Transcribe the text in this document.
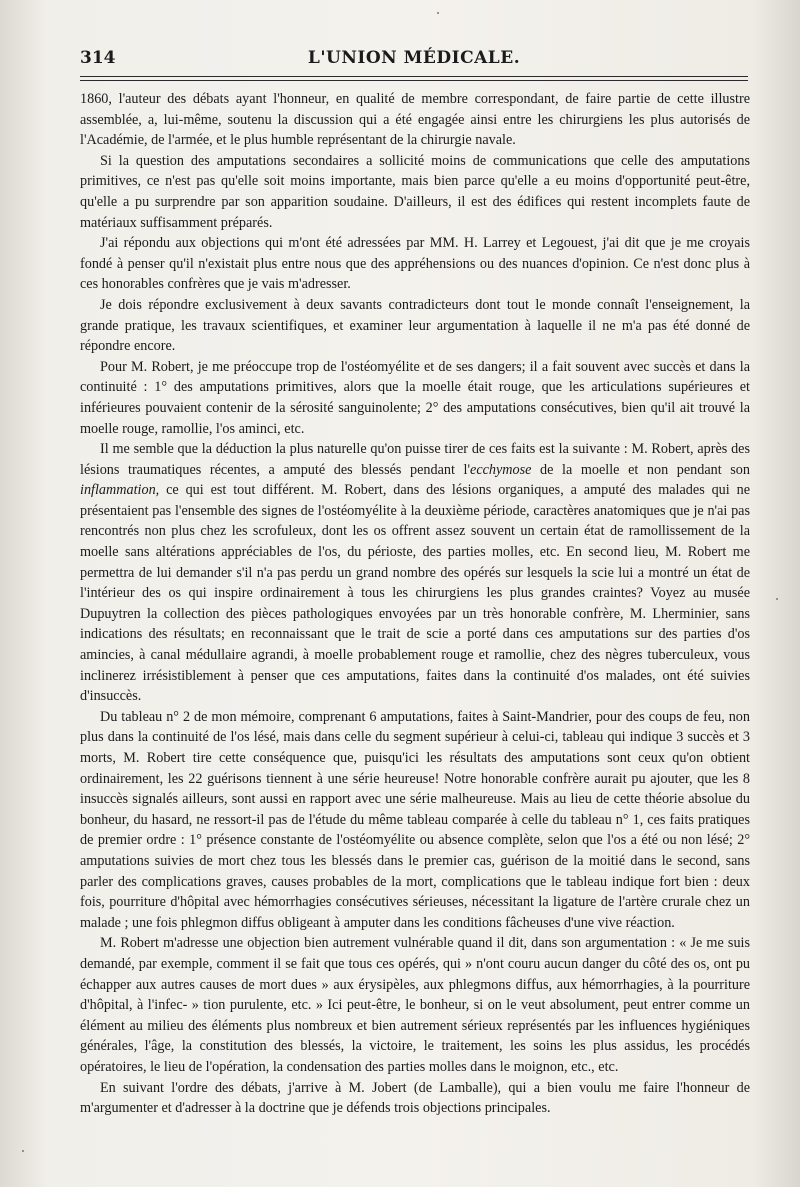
314	L'UNION MÉDICALE.

1860, l'auteur des débats ayant l'honneur, en qualité de membre correspondant, de faire partie de cette illustre assemblée, a, lui-même, soutenu la discussion qui a été engagée ainsi entre les chirurgiens les plus autorisés de l'Académie, de l'armée, et le plus humble représentant de la chirurgie navale.

Si la question des amputations secondaires a sollicité moins de communications que celle des amputations primitives, ce n'est pas qu'elle soit moins importante, mais bien parce qu'elle a eu moins d'opportunité peut-être, qu'elle a pu surprendre par son apparition soudaine. D'ailleurs, il est des édifices qui restent incomplets faute de matériaux suffisamment préparés.

J'ai répondu aux objections qui m'ont été adressées par MM. H. Larrey et Legouest, j'ai dit que je me croyais fondé à penser qu'il n'existait plus entre nous que des appréhensions ou des nuances d'opinion. Ce n'est donc plus à ces honorables confrères que je vais m'adresser.

Je dois répondre exclusivement à deux savants contradicteurs dont tout le monde connaît l'enseignement, la grande pratique, les travaux scientifiques, et examiner leur argumentation à laquelle il ne m'a pas été donné de répondre encore.

Pour M. Robert, je me préoccupe trop de l'ostéomyélite et de ses dangers; il a fait souvent avec succès et dans la continuité : 1° des amputations primitives, alors que la moelle était rouge, que les articulations supérieures et inférieures pouvaient contenir de la sérosité sanguinolente; 2° des amputations consécutives, bien qu'il ait trouvé la moelle rouge, ramollie, l'os aminci, etc.

Il me semble que la déduction la plus naturelle qu'on puisse tirer de ces faits est la suivante : M. Robert, après des lésions traumatiques récentes, a amputé des blessés pendant l'ecchymose de la moelle et non pendant son inflammation, ce qui est tout différent. M. Robert, dans des lésions organiques, a amputé des malades qui ne présentaient pas l'ensemble des signes de l'ostéomyélite à la deuxième période, caractères anatomiques que je n'ai pas rencontrés non plus chez les scrofuleux, dont les os offrent assez souvent un certain état de ramollissement de la moelle sans altérations appréciables de l'os, du périoste, des parties molles, etc. En second lieu, M. Robert me permettra de lui demander s'il n'a pas perdu un grand nombre des opérés sur lesquels la scie lui a montré un état de l'intérieur des os qui inspire ordinairement à tous les chirurgiens les plus grandes craintes? Voyez au musée Dupuytren la collection des pièces pathologiques envoyées par un très honorable confrère, M. Lherminier, sans indications des résultats; en reconnaissant que le trait de scie a porté dans ces amputations sur des parties d'os amincies, à canal médullaire agrandi, à moelle probablement rouge et ramollie, chez des nègres tuberculeux, vous inclinerez irrésistiblement à penser que ces amputations, faites dans la continuité d'os malades, ont été suivies d'insuccès.

Du tableau n° 2 de mon mémoire, comprenant 6 amputations, faites à Saint-Mandrier, pour des coups de feu, non plus dans la continuité de l'os lésé, mais dans celle du segment supérieur à celui-ci, tableau qui indique 3 succès et 3 morts, M. Robert tire cette conséquence que, puisqu'ici les résultats des amputations sont ceux qu'on obtient ordinairement, les 22 guérisons tiennent à une série heureuse! Notre honorable confrère aurait pu ajouter, que les 8 insuccès signalés ailleurs, sont aussi en rapport avec une série malheureuse. Mais au lieu de cette théorie absolue du bonheur, du hasard, ne ressort-il pas de l'étude du même tableau comparée à celle du tableau n° 1, ces faits pratiques de premier ordre : 1° présence constante de l'ostéomyélite ou absence complète, selon que l'os a été ou non lésé; 2° amputations suivies de mort chez tous les blessés dans le premier cas, guérison de la moitié dans le second, sans parler des complications graves, causes probables de la mort, complications que le tableau indique fort bien : deux fois, pourriture d'hôpital avec hémorrhagies consécutives sérieuses, nécessitant la ligature de l'artère crurale chez un malade ; une fois phlegmon diffus obligeant à amputer dans les conditions fâcheuses d'une vive réaction.

M. Robert m'adresse une objection bien autrement vulnérable quand il dit, dans son argumentation : « Je me suis demandé, par exemple, comment il se fait que tous ces opérés, qui » n'ont couru aucun danger du côté des os, ont pu échapper aux autres causes de mort dues » aux érysipèles, aux phlegmons diffus, aux hémorrhagies, à la pourriture d'hôpital, à l'infec- » tion purulente, etc. » Ici peut-être, le bonheur, si on le veut absolument, peut entrer comme un élément au milieu des éléments plus nombreux et bien autrement sérieux représentés par les influences hygiéniques générales, l'âge, la constitution des blessés, la victoire, le traitement, les soins les plus assidus, les procédés opératoires, le lieu de l'opération, la condensation des parties molles dans le moignon, etc., etc.

En suivant l'ordre des débats, j'arrive à M. Jobert (de Lamballe), qui a bien voulu me faire l'honneur de m'argumenter et d'adresser à la doctrine que je défends trois objections principales.
